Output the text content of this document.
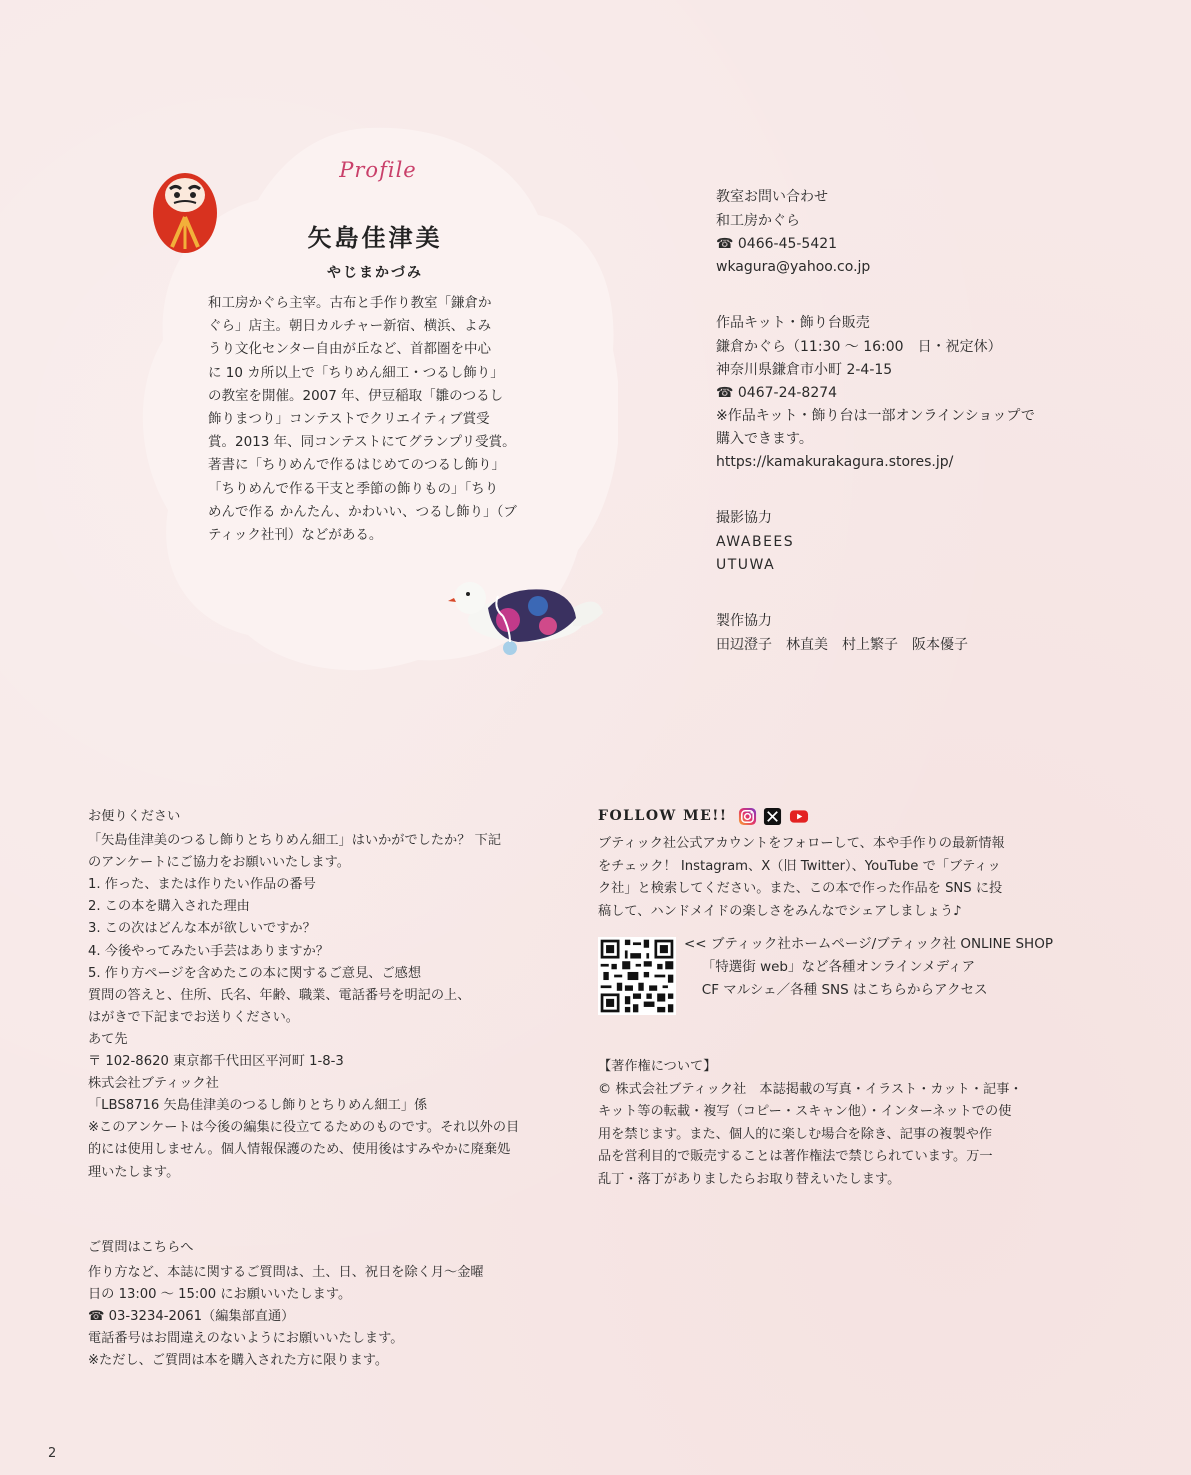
Profile
矢島佳津美
やじまかづみ
和工房かぐら主宰。古布と手作り教室「鎌倉か
ぐら」店主。朝日カルチャー新宿、横浜、よみ
うり文化センター自由が丘など、首都圏を中心
に 10 カ所以上で「ちりめん細工・つるし飾り」
の教室を開催。2007 年、伊豆稲取「雛のつるし
飾りまつり」コンテストでクリエイティブ賞受
賞。2013 年、同コンテストにてグランプリ受賞。
著書に「ちりめんで作るはじめてのつるし飾り」
「ちりめんで作る干支と季節の飾りもの」「ちり
めんで作る かんたん、かわいい、つるし飾り」（ブ
ティック社刊）などがある。
教室お問い合わせ
和工房かぐら
☎ 0466-45-5421
wkagura@yahoo.co.jp
作品キット・飾り台販売
鎌倉かぐら（11:30 〜 16:00　日・祝定休）
神奈川県鎌倉市小町 2-4-15
☎ 0467-24-8274
※作品キット・飾り台は一部オンラインショップで
購入できます。
https://kamakurakagura.stores.jp/
撮影協力
AWABEES
UTUWA
製作協力
田辺澄子　林直美　村上繁子　阪本優子
お便りください
「矢島佳津美のつるし飾りとちりめん細工」はいかがでしたか？ 下記
のアンケートにご協力をお願いいたします。
1. 作った、または作りたい作品の番号
2. この本を購入された理由
3. この次はどんな本が欲しいですか？
4. 今後やってみたい手芸はありますか？
5. 作り方ページを含めたこの本に関するご意見、ご感想
質問の答えと、住所、氏名、年齢、職業、電話番号を明記の上、
はがきで下記までお送りください。
あて先
〒 102-8620 東京都千代田区平河町 1-8-3
株式会社ブティック社
「LBS8716 矢島佳津美のつるし飾りとちりめん細工」係
※このアンケートは今後の編集に役立てるためのものです。それ以外の目
的には使用しません。個人情報保護のため、使用後はすみやかに廃棄処
理いたします。
ご質問はこちらへ
作り方など、本誌に関するご質問は、土、日、祝日を除く月〜金曜
日の 13:00 〜 15:00 にお願いいたします。
☎ 03-3234-2061（編集部直通）
電話番号はお間違えのないようにお願いいたします。
※ただし、ご質問は本を購入された方に限ります。
FOLLOW ME!!
ブティック社公式アカウントをフォローして、本や手作りの最新情報
をチェック！ Instagram、X（旧 Twitter）、YouTube で「ブティッ
ク社」と検索してください。また、この本で作った作品を SNS に投
稿して、ハンドメイドの楽しさをみんなでシェアしましょう♪
<< ブティック社ホームページ/ブティック社 ONLINE SHOP
　 「特選街 web」など各種オンラインメディア
　 CF マルシェ／各種 SNS はこちらからアクセス
【著作権について】
© 株式会社ブティック社　本誌掲載の写真・イラスト・カット・記事・
キット等の転載・複写（コピー・スキャン他）・インターネットでの使
用を禁じます。また、個人的に楽しむ場合を除き、記事の複製や作
品を営利目的で販売することは著作権法で禁じられています。万一
乱丁・落丁がありましたらお取り替えいたします。
2
